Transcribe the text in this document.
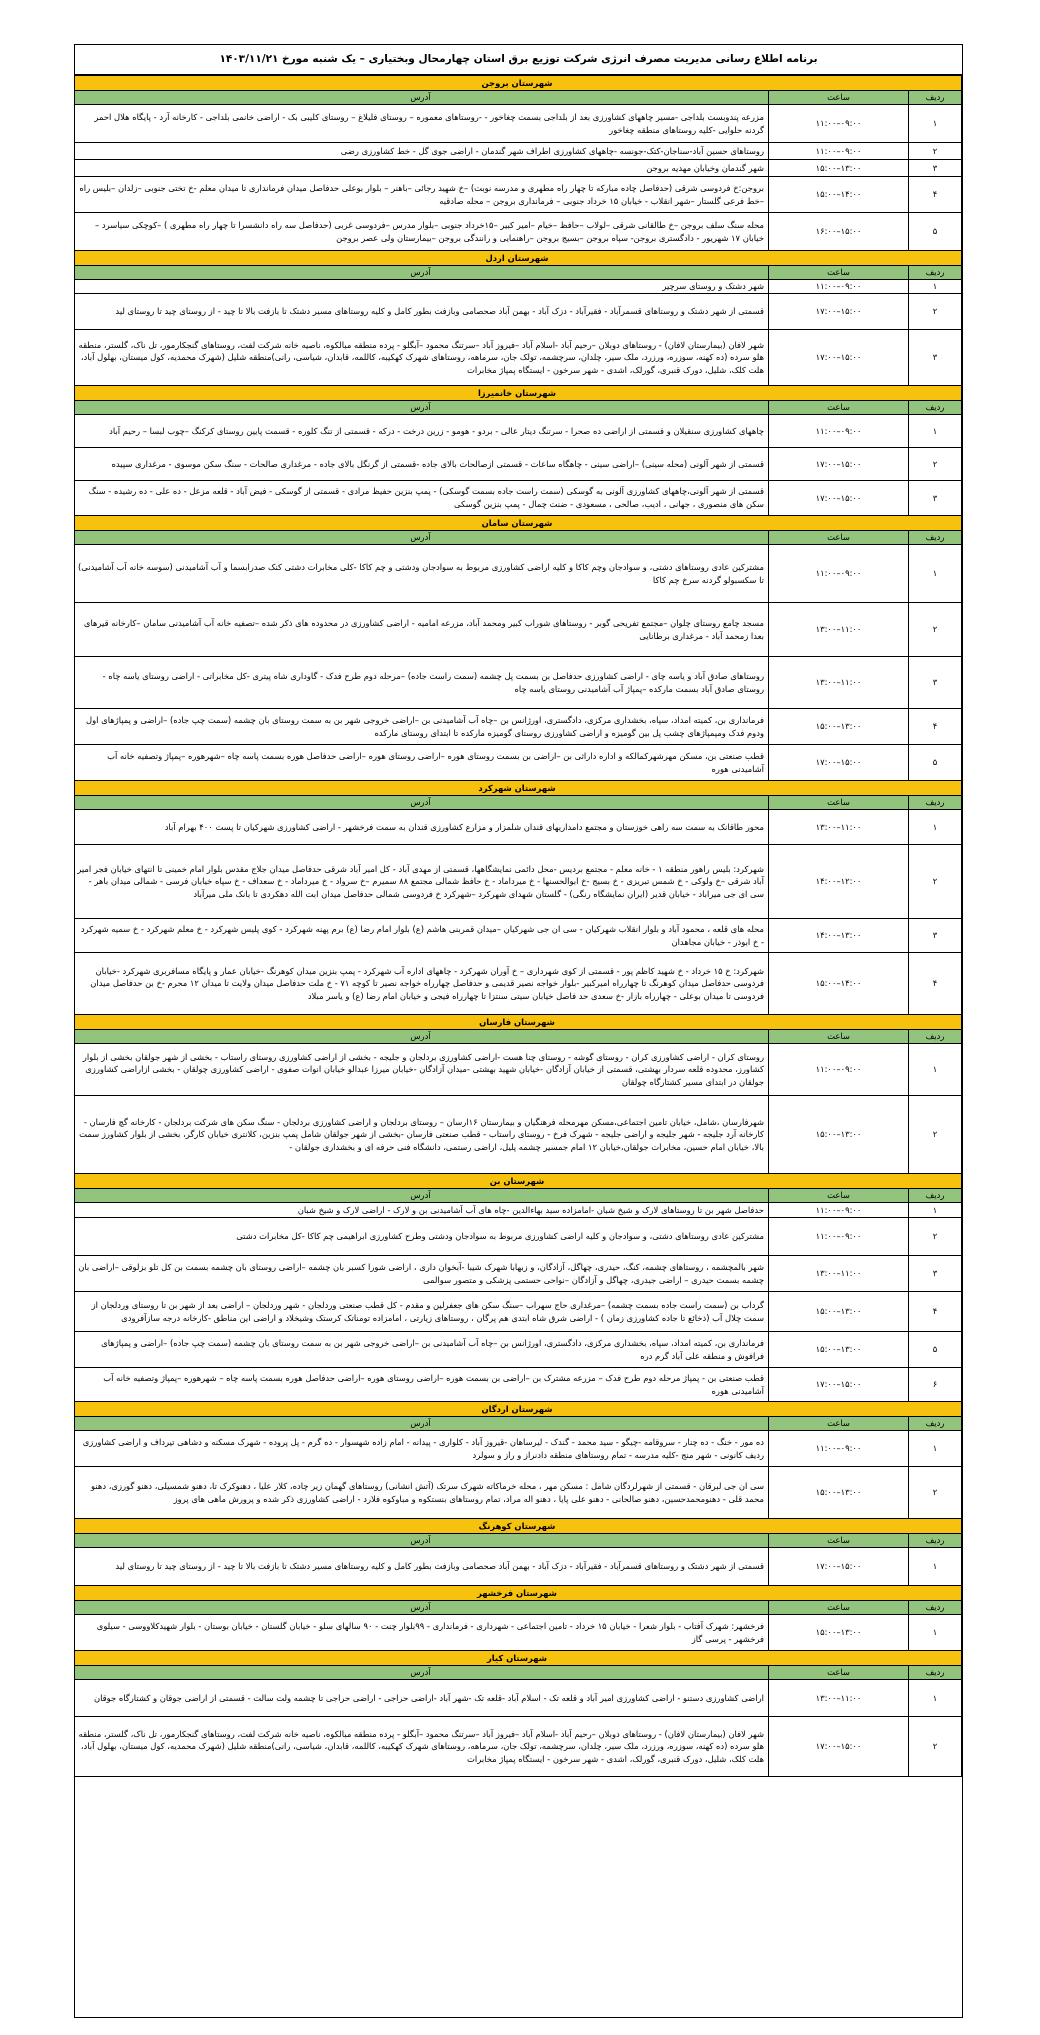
برنامه اطلاع رسانی مدیریت مصرف انرژی شرکت توزیع برق استان چهارمحال وبختیاری – یک شنبه مورخ ۱۴۰۳/۱۱/۲۱
شهرستان بروجن		
ردیف	ساعت	آدرس
۱	۰۹:۰۰–۱۱:۰۰	مزرعه پندوبست بلداجی -مسیر چاههای کشاورزی بعد از بلداجی بسمت چغاخور - -روستاهای معموره – روستای فلیلاغ – روستای کلیبی بک - اراضی خانمی بلداجی - کارخانه آرد - پایگاه هلال احمر گردنه حلوایی -کلیه روستاهای منطقه چغاخور
۲	۰۹:۰۰–۱۱:۰۰	روستاهای حسین آباد-سناجان-کتک-جونسه -چاههای کشاورزی اطراف شهر گندمان - اراضی جوی گل - خط کشاورزی رضی
۳	۱۳:۰۰–۱۵:۰۰	شهر گندمان وخیابان مهدیه بروجن
۴	۱۴:۰۰–۱۵:۰۰	بروجن:خ فردوسی شرقی (حدفاصل چاده مبارکه تا چهار راه مطهری و مدرسه نوبت) –خ شهید رجائی –باهنر – بلوار بوعلی حدفاصل میدان فرمانداری تا میدان معلم -خ تختی جنوبی –زلدان –بلیس راه –خط فرعی گلستار –شهر انقلاب - خیابان ۱۵ خرداد جنوبی – فرمانداری بروجن – محله صادقیه
۵	۱۵:۰۰–۱۶:۰۰	محله سنگ سلف بروجن –خ طالقانی شرقی –لولاب –حافظ –خیام –امیر کبیر –۱۵خرداد جنوبی –بلوار مدرس –فردوسی غربی (حدفاصل سه راه دانشسرا تا چهار راه مطهری ) –کوچکی سیاسرد –خیابان ۱۷ شهریور - دادگستری بروجن- سپاه بروجن –بسیج بروجن –راهنمایی و رانندگی بروجن –بیمارستان ولی عصر بروجن
شهرستان اردل		
ردیف	ساعت	آدرس
۱	۰۹:۰۰–۱۱:۰۰	شهر دشتک و روستای سرچیر
۲	۱۵:۰۰–۱۷:۰۰	قسمتی از شهر دشتک و روستاهای قسمرآباد - فقیرآباد - دزک آباد - بهمن آباد صحصامی وبازفت بطور کامل و کلیه روستاهای مسیر دشتک تا بازفت بالا تا چید - از روستای چید تا روستای لید
۳	۱۵:۰۰–۱۷:۰۰	شهر لافان (بیمارستان لافان) - روستاهای دوبلان –رحیم آباد -اسلام آباد –فیروز آباد –سرتنگ محمود –آبگلو - پرده منطقه مبالکوه، ناصیه خانه شرکت لفت، روستاهای گنجکارمور، تل ناک، گلستر، منطقه هلو سرده (ده کهنه، سوزره، ورزرد، ملک سیر، چلدان، سرچشمه، تولک جان، سرماهه، روستاهای شهرک کهکیبه، کاللمه، قابدان، شیاسی، رانی)منطقه شلیل (شهرک محمدیه، کول میستان، بهلول آباد، هلت کلک، شلیل، دورک قنبری، گورلک، اشدی - شهر سرخون - ایستگاه پمپاژ مخابرات
شهرستان خانمیرزا		
ردیف	ساعت	آدرس
۱	۰۹:۰۰–۱۱:۰۰	چاههای کشاورزی سنقیلان و قسمتی از اراضی ده صحرا - سرتنگ دیتار عالی - بردو - هومو - زرین درخت - درکه - قسمتی از تنگ کلوره - قسمت پایین روستای کرکنگ –چوب لبسا – رحیم آباد
۲	۱۵:۰۰–۱۷:۰۰	قسمتی از شهر آلونی (محله سینی) –اراضی سینی - چاهگاه ساعات - قسمتی ازصالحات بالای جاده -قسمتی از گرنگل بالای جاده - مرغداری صالحات - سنگ سکن موسوی - مرغداری سپیده
۳	۱۵:۰۰–۱۷:۰۰	قسمتی از شهر آلونی،چاههای کشاورزی آلونی به گوسکی (سمت راست جاده بسمت گوسکی) - پمپ بنزین حفیظ مرادی - قسمتی از گوسکی - فیض آباد - قلعه مزعل - ده علی - ده رشیده - سنگ سکن های منصوری ، جهانی ، ادیب، صالحی ، مسعودی - ضنت چمال - پمپ بنزین گوسکی
شهرستان سامان		
ردیف	ساعت	آدرس
۱	۰۹:۰۰–۱۱:۰۰	مشترکین عادی روستاهای دشتی، و سوادجان وچم کاکا و کلیه اراضی کشاورزی مربوط به سوادجان ودشتی و چم کاکا -کلی مخابرات دشتی کنک صدرابسما و آب آشامیدنی (سوسه خانه آب آشامیدنی) تا سکسبولو گردنه سرخ چم کاکا
۲	۱۱:۰۰–۱۳:۰۰	مسجد چامع روستای چلوان –مجتمع تفریحی گوبر - روستاهای شوراب کبیر ومحمد آباد، مزرعه امامیه - اراضی کشاورزی در محدوده های ذکر شده –تصفیه خانه آب آشامیدنی سامان –کارخانه قیرهای بعدا زمحمد آباد - مرغداری برطانایی
۳	۱۱:۰۰–۱۳:۰۰	روستاهای صادق آباد و یاسه چای - اراضی کشاورزی حدفاصل بن بسمت پل چشمه (سمت راست جاده) –مرحله دوم طرح فدک - گاوداری شاه پیتری -کل مخابراتی - اراضی روستای یاسه چاه - روستای صادق آباد بسمت مارکده –پمپاژ آب آشامیدنی روستای یاسه چاه
۴	۱۳:۰۰–۱۵:۰۰	فرمانداری بن، کمیته امداد، سپاه، بخشداری مرکزی، دادگستری، اورژانس بن –چاه آب آشامیدنی بن –اراضی خروجی شهر بن به سمت روستای بان چشمه (سمت چپ جاده) –اراضی و پمپاژهای اول ودوم فدک ومپمپاژهای چشب پل بین گومیزه و اراضی کشاورزی روستای گومیزه مارکده تا ابتدای روستای مارکده
۵	۱۵:۰۰–۱۷:۰۰	قطب صنعتی بن، مسکن مهرشهرکمالکه و اداره داراثی بن –اراضی بن بسمت روستای هوره –اراضی روستای هوره –اراضی حدفاصل هوره بسمت پاسه چاه –شهرهوره –پمپاژ وتصفیه خانه آب آشامیدنی هوره
شهرستان شهرکرد		
ردیف	ساعت	آدرس
۱	۱۱:۰۰–۱۳:۰۰	محور طاقانک به سمت سه راهی خوزستان و مجتمع دامداریهای قندان شلمزار و مزارع کشاورزی قندان به سمت فرخشهر - اراضی کشاورزی شهرکیان تا پست ۴۰۰ بهرام آباد
۲	۱۲:۰۰–۱۴:۰۰	شهرکرد: بلیس راهور منطقه ۱ - خانه معلم - مجتمع بردیس -محل دائمی نمایشگاهها، قسمتی از مهدی آباد - کل امیر آباد شرقی حدفاصل میدان جلاج مقدس بلوار امام خمینی تا انتهای خیابان فجر امیر آباد شرقی –خ ولوکی - خ شمس تبریزی - خ بسیج -خ ابوالحسنها - خ میرداماد - خ حافظ شمالی مجتمع ۸۸ سمیرم –خ سرواد - خ میرداماد - خ سعداف - خ سپاه خیابان فرسی - شمالی میدان باهر - سی ای جی میراباد - خیابان قدیر (ایران نمایشگاه رنگی) - گلستان شهدای شهرکرد –شهرکرد خ فردوسی شمالی حدفاصل میدان ابت الله دهکردی تا بانک ملی میرآباد
۳	۱۳:۰۰–۱۴:۰۰	محله های قلعه ، محمود آباد و بلوار انقلاب شهرکیان - سی ان جی شهرکیان –میدان قمربنی هاشم (ع) بلوار امام رضا (ع) برم پهنه شهرکرد - کوی پلیس شهرکرد - خ معلم شهرکرد - خ سمیه شهرکرد - خ ابوذر - خیابان مجاهدان
۴	۱۴:۰۰–۱۵:۰۰	شهرکرد: خ ۱۵ خرداد - خ شهید کاظم پور - قسمتی از کوی شهرداری – خ آوران شهرکرد - چاههای اداره آب شهرکرد - پمپ بنزین میدان کوهرنگ -خیابان عمار و پایگاه مسافربری شهرکرد -خیابان فردوسی حدفاصل میدان کوهرنگ تا چهارراه امیرکبیر -بلوار خواجه نصیر قدیمی و حدفاصل چهارراه خواجه نصیر تا کوچه ۷۱ - خ ملت حدفاصل میدان ولایت تا میدان ۱۲ محرم -خ بن حدفاصل میدان فردوسی تا میدان بوعلی - چهارراه بازار -خ سعدی حد فاصل خیابان سیتی سنتزا تا چهارراه فیجی و خیابان امام رضا (ع) و یاسر مبلاد
شهرستان فارسان		
ردیف	ساعت	آدرس
۱	۰۹:۰۰–۱۱:۰۰	روستای کران - اراضی کشاورزی کران - روستای گوشه - روستای چنا هست -اراضی کشاورزی بردلجان و جلیجه - بخشی از اراضی کشاورزی روستای راستاب - بخشی از شهر جولقان بخشی از بلوار کشاورز، محدوده قلعه سردار بهشتی، قسمتی از خیابان آزادگان -خیابان شهید بهشتی -میدان آزادگان -خیابان میرزا عبدالو خیابان انوات صفوی - اراضی کشاورزی چولقان - بخشی ازاراضی کشاورزی جولقان در ابتدای مسیر کشتارگاه چولقان
۲	۱۳:۰۰–۱۵:۰۰	شهرفارسان ،شامل، خیابان تامین اجتماعی،مسکن مهرمحله فرهنگیان و بیمارستان ۱۶ارسان – روستای بردلجان و اراضی کشاورزی بردلجان - سنگ سکن های شرکت بردلجان - کارخانه گچ فارسان - کارخانه آرد جلیجه - شهر جلیجه و اراضی جلیجه - شهرک فرخ - روستای راستاب - قطب صنعتی فارسان -بخشی از شهر جولقان شامل پمپ بنزین، کلانتری خیابان کارگر، بخشی از بلوار کشاورز سمت بالا، خیابان امام حسین، مخابرات جولقان،خیابان ۱۲ امام جمسیر چشمه پلیل، اراضی رستمی، دانشگاه فنی حرفه ای و بخشداری جولقان -
شهرستان بن		
ردیف	ساعت	آدرس
۱	۰۹:۰۰–۱۱:۰۰	حدفاصل شهر بن تا روستاهای لارک و شیخ شبان -امامزاده سید بهاءالدین -چاه های آب آشامیدنی بن و لارک - اراضی لارک و شیخ شبان
۲	۰۹:۰۰–۱۱:۰۰	مشترکین عادی روستاهای دشتی، و سوادجان و کلیه اراضی کشاورزی مربوط به سوادجان ودشتی وطرح کشاورزی ابراهیمی چم کاکا -کل مخابرات دشتی
۳	۱۱:۰۰–۱۳:۰۰	شهر بالمچشمه ، روستاهای چشمه، کنگ، حیدری، چهاگل، آزادگان، و زبهابا شهرک شیبا -آبخوان داری ، اراضی شورا کسبر بان چشمه –اراضی روستای بان چشمه بسمت بن کل تلو بزلوقی –اراضی بان چشمه بسمت حیدری – اراضی جیدری، چهاگل و آزادگان –نواحی حستمی پزشکی و متصور سوالمی
۴	۱۳:۰۰–۱۵:۰۰	گرداب بن (سمت راست جاده بسمت چشمه) –مرغداری حاج سهراب –سنگ سکن های جعفرلین و مقدم - کل قطب صنعتی وردلجان - شهر وردلجان – اراضی بعد از شهر بن تا روستای وردلجان از سمت چلال آب (ذخائع تا جاده کشاورزی زمان ) - اراضی شرق شاه ابتدی هم پرگان ، روستاهای زیارتی ، امامزاده تومناتک کرستک وشیخلاد و اراضی این مناطق -کارخانه درجه سازآفرودی
۵	۱۳:۰۰–۱۵:۰۰	فرمانداری بن، کمیته امداد، سپاه، بخشداری مرکزی، دادگستری، اورژانس بن –چاه آب آشامیدنی بن –اراضی خروجی شهر بن به سمت روستای بان چشمه (سمت چپ جاده) –اراضی و پمپاژهای فرافوش و منطقه علی آباد گرم دره
۶	۱۵:۰۰–۱۷:۰۰	قطب صنعتی بن - پمپاژ مرحله دوم طرح فدک – مزرعه مشترک بن –اراضی بن بسمت هوره –اراضی روستای هوره –اراضی حدفاصل هوره بسمت پاسه چاه – شهرهوره –پمپاژ وتصفیه خانه آب آشامیدنی هوره
شهرستان اردگان		
ردیف	ساعت	آدرس
۱	۰۹:۰۰–۱۱:۰۰	ده مور - خنگ - ده چنار - سروقامه -چیگو - سید محمد - گندک - لیرساهان -قیروز آباد - کلواری - پیدانه - امام زاده شهسوار - ده گرم - پل پروده - شهرک مسکنه و دشاهی تیرداف و اراضی کشاورزی ردیف کانونی - شهر منج -کلیه مدرسه - تمام روستاهای منطقه دادنراز و راز و سولرد
۲	۱۳:۰۰–۱۵:۰۰	سی ان جی لبرقان - قسمتی از شهرلردگان شامل : مسکن مهر ، محله خرماکاته شهرک سرتک (آتش انشانی) روستاهای گهمان زیر چاده، کلار علیا ، دهنوکرک تا، دهنو شمسیلی، دهنو گورزی، دهنو محمد قلی - دهنومحمدحسین، دهنو صالحانی - دهنو علی پایا ، دهنو اله مراد، تمام روستاهای بنستکوه و مباوکوه فلارد - اراضی کشاورزی ذکر شده و پرورش ماهی های پروز
شهرستان کوهرنگ		
ردیف	ساعت	آدرس
۱	۱۵:۰۰–۱۷:۰۰	قسمتی از شهر دشتک و روستاهای قسمرآباد - فقیرآباد - دزک آباد - بهمن آباد صحصامی وبازفت بطور کامل و کلیه روستاهای مسیر دشتک تا بازفت بالا تا چید - از روستای چید تا روستای لید
شهرستان فرخشهر		
ردیف	ساعت	آدرس
۱	۱۳:۰۰–۱۵:۰۰	فرخشهر: شهرک آفتاب - بلوار شعرا - خیابان ۱۵ خرداد - تامین اجتماعی - شهرداری - فرمانداری - ۹۹بلوار چنت - ۹۰ سالهای سلو - خیابان گلستان - خیابان بوستان - بلوار شهیدکلاووسی - سیلوی فرخشهر - پرسی گاز
شهرستان کیار		
ردیف	ساعت	آدرس
۱	۱۱:۰۰–۱۳:۰۰	اراضی کشاورزی دستنو - اراضی کشاورزی امیر آباد و قلعه تک - اسلام آباد -قلعه تک -شهر آباد -اراضی حراجی - اراضی حراجی تا چشمه ولت سالت - قسمتی از اراضی جوقان و کشتارگاه جوقان
۲	۱۵:۰۰–۱۷:۰۰	شهر لافان (بیمارستان لافان) - روستاهای دوبلان –رحیم آباد -اسلام آباد –فیروز آباد –سرتنگ محمود –آبگلو - پرده منطقه مبالکوه، ناصیه خانه شرکت لفت، روستاهای گنجکارمور، تل ناک، گلستر، منطقه هلو سرده (ده کهنه، سوزره، ورزرد، ملک سیر، چلدان، سرچشمه، تولک جان، سرماهه، روستاهای شهرک کهکیبه، کاللمه، قابدان، شیاسی، رانی)منطقه شلیل (شهرک محمدیه، کول میستان، بهلول آباد، هلت کلک، شلیل، دورک قنبری، گورلک، اشدی - شهر سرخون - ایستگاه پمپاژ مخابرات
